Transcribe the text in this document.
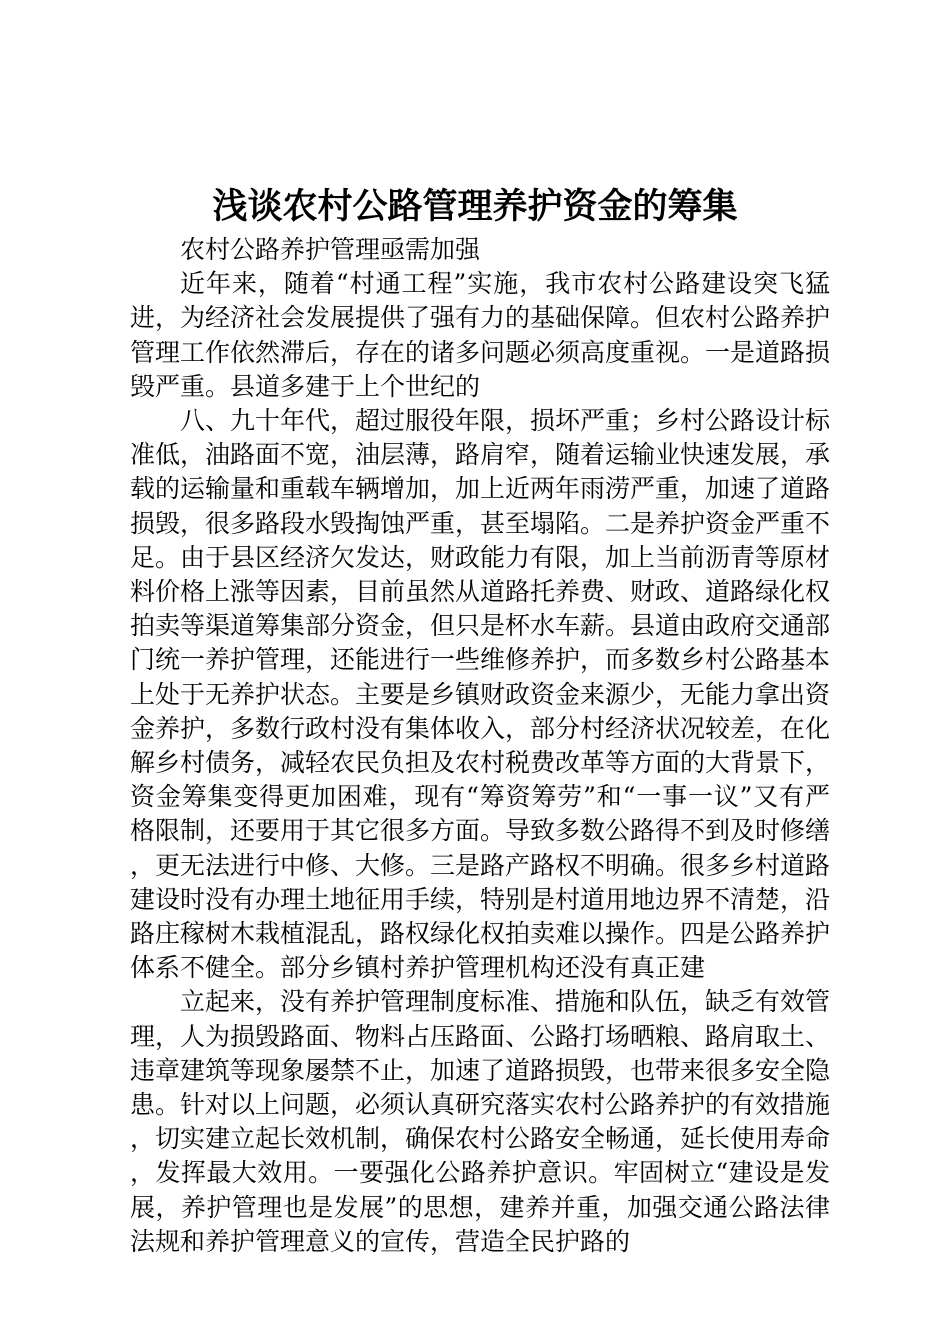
浅谈农村公路管理养护资金的筹集

农村公路养护管理亟需加强

近年来，随着“村通工程”实施，我市农村公路建设突飞猛进，为经济社会发展提供了强有力的基础保障。但农村公路养护管理工作依然滞后，存在的诸多问题必须高度重视。一是道路损毁严重。县道多建于上个世纪的

八、九十年代，超过服役年限，损坏严重；乡村公路设计标准低，油路面不宽，油层薄，路肩窄，随着运输业快速发展，承载的运输量和重载车辆增加，加上近两年雨涝严重，加速了道路损毁，很多路段水毁掏蚀严重，甚至塌陷。二是养护资金严重不足。由于县区经济欠发达，财政能力有限，加上当前沥青等原材料价格上涨等因素，目前虽然从道路托养费、财政、道路绿化权拍卖等渠道筹集部分资金，但只是杯水车薪。县道由政府交通部门统一养护管理，还能进行一些维修养护，而多数乡村公路基本上处于无养护状态。主要是乡镇财政资金来源少，无能力拿出资金养护，多数行政村没有集体收入，部分村经济状况较差，在化解乡村债务，减轻农民负担及农村税费改革等方面的大背景下，资金筹集变得更加困难，现有“筹资筹劳”和“一事一议”又有严格限制，还要用于其它很多方面。导致多数公路得不到及时修缮，更无法进行中修、大修。三是路产路权不明确。很多乡村道路建设时没有办理土地征用手续，特别是村道用地边界不清楚，沿路庄稼树木栽植混乱，路权绿化权拍卖难以操作。四是公路养护体系不健全。部分乡镇村养护管理机构还没有真正建

立起来，没有养护管理制度标准、措施和队伍，缺乏有效管理，人为损毁路面、物料占压路面、公路打场晒粮、路肩取土、违章建筑等现象屡禁不止，加速了道路损毁，也带来很多安全隐患。针对以上问题，必须认真研究落实农村公路养护的有效措施，切实建立起长效机制，确保农村公路安全畅通，延长使用寿命，发挥最大效用。一要强化公路养护意识。牢固树立“建设是发展，养护管理也是发展”的思想，建养并重，加强交通公路法律法规和养护管理意义的宣传，营造全民护路的
